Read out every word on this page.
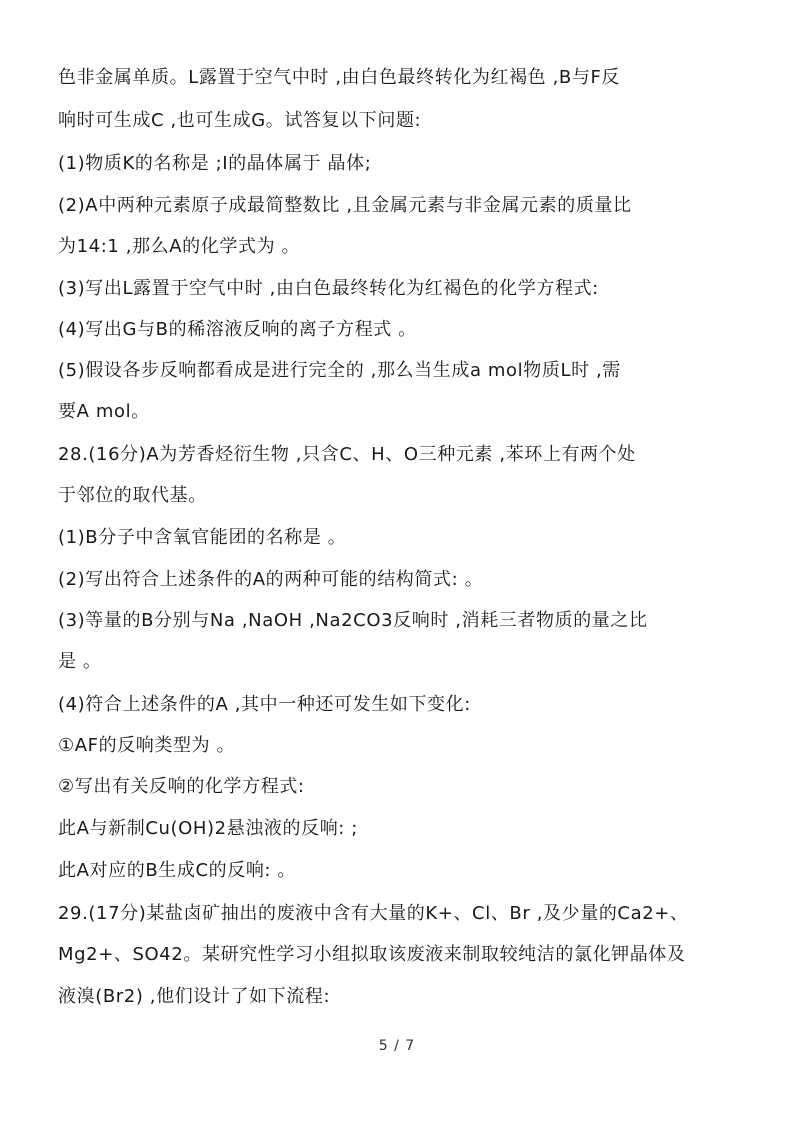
色非金属单质。L露置于空气中时 ,由白色最终转化为红褐色 ,B与F反
响时可生成C ,也可生成G。试答复以下问题:
(1)物质K的名称是 ;I的晶体属于 晶体;
(2)A中两种元素原子成最简整数比 ,且金属元素与非金属元素的质量比
为14:1 ,那么A的化学式为 。
(3)写出L露置于空气中时 ,由白色最终转化为红褐色的化学方程式:
(4)写出G与B的稀溶液反响的离子方程式 。
(5)假设各步反响都看成是进行完全的 ,那么当生成a mol物质L时 ,需
要A mol。
28.(16分)A为芳香烃衍生物 ,只含C、H、O三种元素 ,苯环上有两个处
于邻位的取代基。
(1)B分子中含氧官能团的名称是 。
(2)写出符合上述条件的A的两种可能的结构简式: 。
(3)等量的B分别与Na ,NaOH ,Na2CO3反响时 ,消耗三者物质的量之比
是 。
(4)符合上述条件的A ,其中一种还可发生如下变化:
①AF的反响类型为 。
②写出有关反响的化学方程式:
此A与新制Cu(OH)2悬浊液的反响: ;
此A对应的B生成C的反响: 。
29.(17分)某盐卤矿抽出的废液中含有大量的K+、Cl、Br ,及少量的Ca2+、
Mg2+、SO42。某研究性学习小组拟取该废液来制取较纯洁的氯化钾晶体及
液溴(Br2) ,他们设计了如下流程:
5 / 7
